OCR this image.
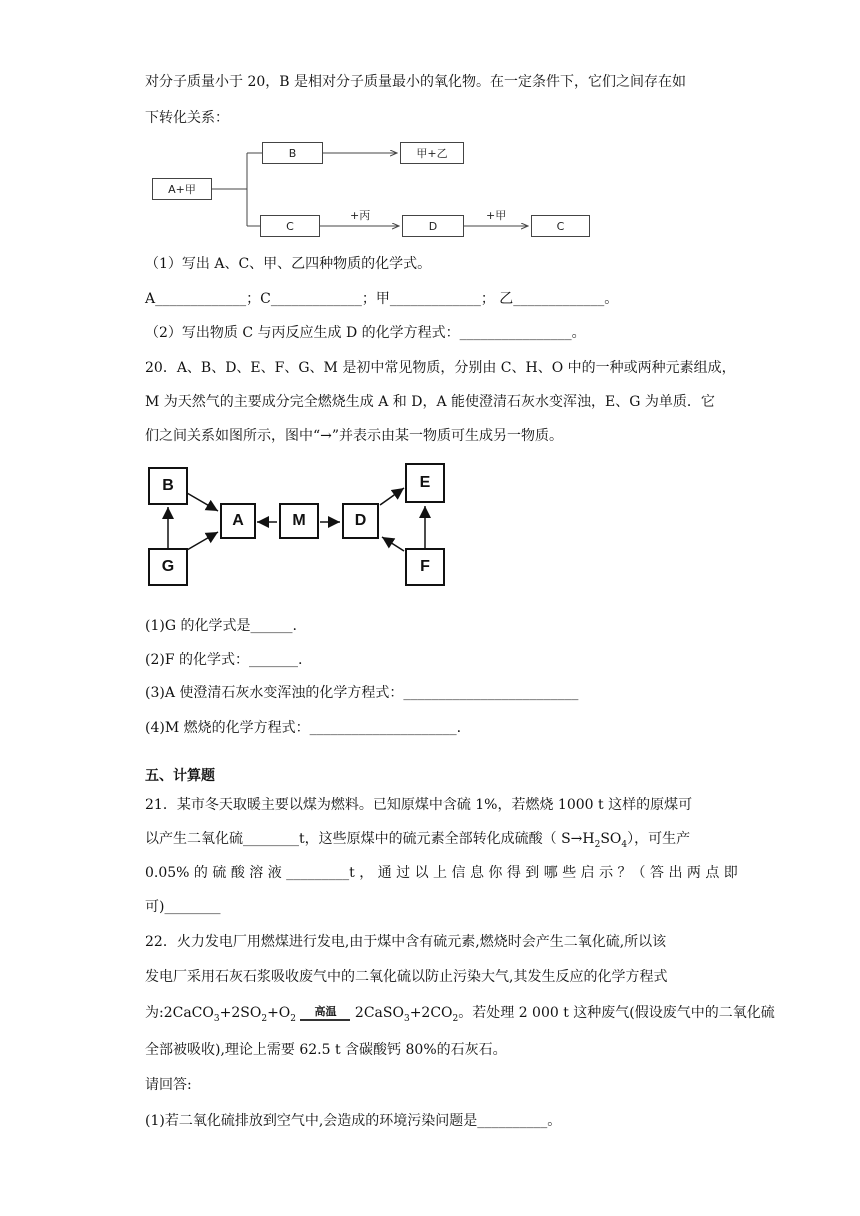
对分子质量小于 20，B 是相对分子质量最小的氧化物。在一定条件下，它们之间存在如
下转化关系：
A+甲
B	甲+乙
C	D	C
+丙	+甲
（1）写出 A、C、甲、乙四种物质的化学式。
A_____________；C_____________；甲_____________； 乙_____________。
（2）写出物质 C 与丙反应生成 D 的化学方程式：________________。
20．A、B、D、E、F、G、M 是初中常见物质，分别由 C、H、O 中的一种或两种元素组成，
M 为天然气的主要成分完全燃烧生成 A 和 D，A 能使澄清石灰水变浑浊，E、G 为单质．它
们之间关系如图所示，图中“→”并表示由某一物质可生成另一物质。
B
G
A	M	D
E
F
(1)G 的化学式是______.
(2)F 的化学式：_______.
(3)A 使澄清石灰水变浑浊的化学方程式：_________________________
(4)M 燃烧的化学方程式：_____________________.
五、计算题
21．某市冬天取暖主要以煤为燃料。已知原煤中含硫 1%，若燃烧 1000 t 这样的原煤可
以产生二氧化硫________t，这些原煤中的硫元素全部转化成硫酸（ $S\to H_2SO_4$），可生产
0.05% 的 硫 酸 溶 液 _________t ， 通 过 以 上 信 息 你 得 到 哪 些 启 示 ？（ 答 出 两 点 即
可)________
22．火力发电厂用燃煤进行发电,由于煤中含有硫元素,燃烧时会产生二氧化硫,所以该
发电厂采用石灰石浆吸收废气中的二氧化硫以防止污染大气,其发生反应的化学方程式
为$:2CaCO_3+2SO_2+O_2$
高温	$2CaSO_3+2CO_2$。若处理 2 000 t 这种废气(假设废气中的二氧化硫
全部被吸收),理论上需要 62.5 t 含碳酸钙 80%的石灰石。
请回答:
(1)若二氧化硫排放到空气中,会造成的环境污染问题是__________。
